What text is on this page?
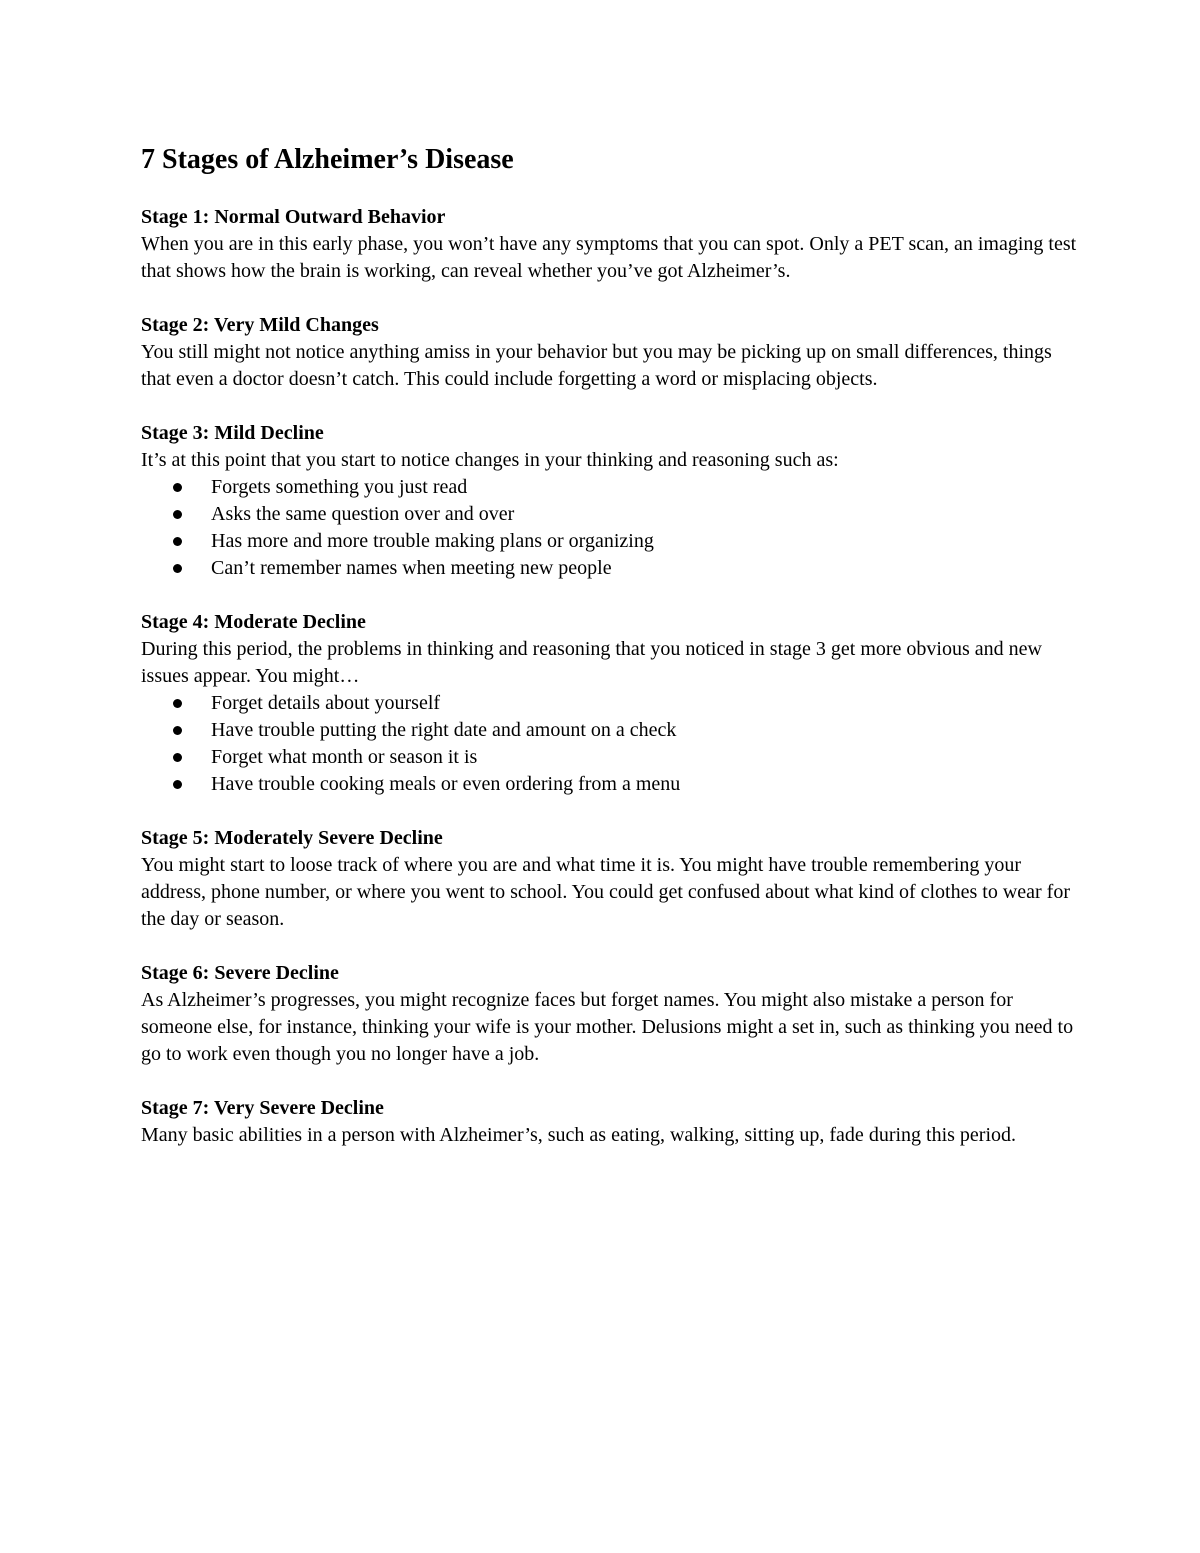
7 Stages of Alzheimer’s Disease

Stage 1: Normal Outward Behavior

When you are in this early phase, you won’t have any symptoms that you can spot. Only a PET scan, an imaging test that shows how the brain is working, can reveal whether you’ve got Alzheimer’s.

Stage 2: Very Mild Changes

You still might not notice anything amiss in your behavior but you may be picking up on small differences, things that even a doctor doesn’t catch. This could include forgetting a word or misplacing objects.

Stage 3: Mild Decline

It’s at this point that you start to notice changes in your thinking and reasoning such as:

Forgets something you just read
Asks the same question over and over
Has more and more trouble making plans or organizing
Can’t remember names when meeting new people

Stage 4: Moderate Decline

During this period, the problems in thinking and reasoning that you noticed in stage 3 get more obvious and new issues appear. You might…

Forget details about yourself
Have trouble putting the right date and amount on a check
Forget what month or season it is
Have trouble cooking meals or even ordering from a menu

Stage 5: Moderately Severe Decline

You might start to loose track of where you are and what time it is. You might have trouble remembering your address, phone number, or where you went to school. You could get confused about what kind of clothes to wear for the day or season.

Stage 6: Severe Decline

As Alzheimer’s progresses, you might recognize faces but forget names. You might also mistake a person for someone else, for instance, thinking your wife is your mother. Delusions might a set in, such as thinking you need to go to work even though you no longer have a job.

Stage 7: Very Severe Decline

Many basic abilities in a person with Alzheimer’s, such as eating, walking, sitting up, fade during this period.
